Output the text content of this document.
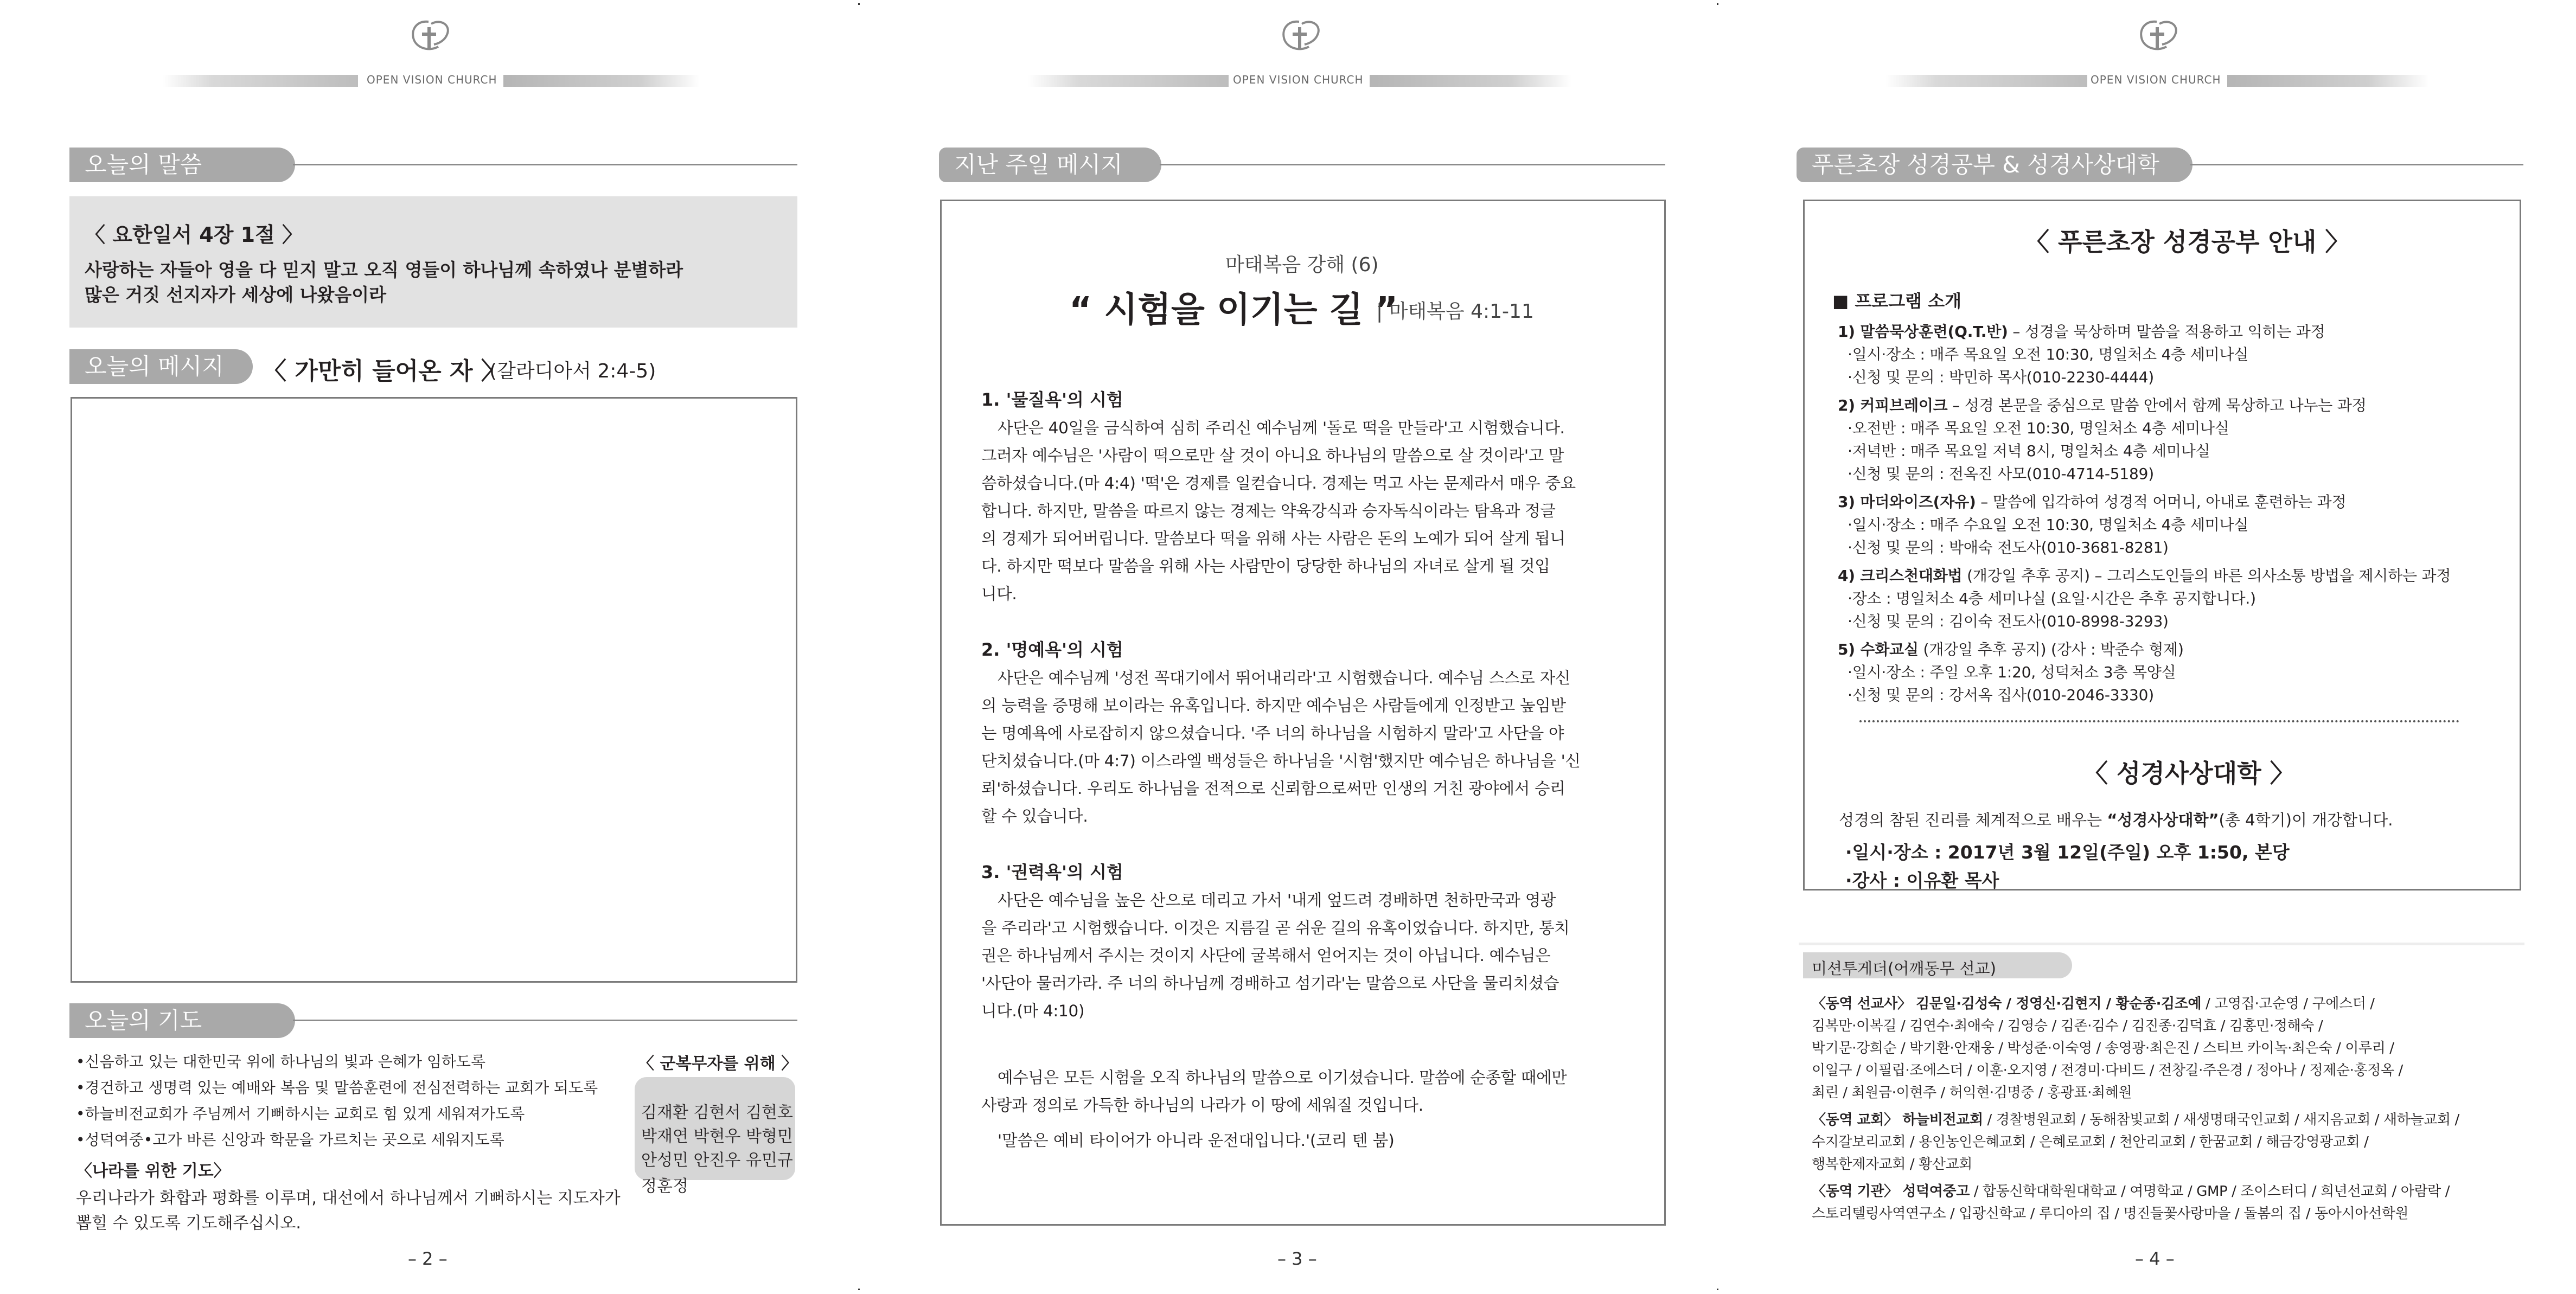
OPEN VISION CHURCH
오늘의 말씀
〈 요한일서 4장 1절 〉
사랑하는 자들아 영을 다 믿지 말고 오직 영들이 하나님께 속하였나 분별하라
많은 거짓 선지자가 세상에 나왔음이라
오늘의 메시지	〈 가만히 들어온 자 〉
(갈라디아서 2:4-5)
오늘의 기도
•신음하고 있는 대한민국 위에 하나님의 빛과 은혜가 임하도록
•경건하고 생명력 있는 예배와 복음 및 말씀훈련에 전심전력하는 교회가 되도록
•하늘비전교회가 주님께서 기뻐하시는 교회로 힘 있게 세워져가도록
•성덕여중•고가 바른 신앙과 학문을 가르치는 곳으로 세워지도록
〈나라를 위한 기도〉
우리나라가 화합과 평화를 이루며, 대선에서 하나님께서 기뻐하시는 지도자가
뽑힐 수 있도록 기도해주십시오.
〈 군복무자를 위해 〉
김재환 김현서 김현호
박재연 박현우 박형민
안성민 안진우 유민규
정훈정
– 2 –
OPEN VISION CHURCH
지난 주일 메시지
마태복음 강해 (6)
“ 시험을 이기는 길 ”
| 마태복음 4:1-11
1. '물질욕'의 시험
사단은 40일을 금식하여 심히 주리신 예수님께 '돌로 떡을 만들라'고 시험했습니다.
그러자 예수님은 '사람이 떡으로만 살 것이 아니요 하나님의 말씀으로 살 것이라'고 말
씀하셨습니다.(마 4:4) '떡'은 경제를 일컫습니다. 경제는 먹고 사는 문제라서 매우 중요
합니다. 하지만, 말씀을 따르지 않는 경제는 약육강식과 승자독식이라는 탐욕과 정글
의 경제가 되어버립니다. 말씀보다 떡을 위해 사는 사람은 돈의 노예가 되어 살게 됩니
다. 하지만 떡보다 말씀을 위해 사는 사람만이 당당한 하나님의 자녀로 살게 될 것입
니다.
2. '명예욕'의 시험
사단은 예수님께 '성전 꼭대기에서 뛰어내리라'고 시험했습니다. 예수님 스스로 자신
의 능력을 증명해 보이라는 유혹입니다. 하지만 예수님은 사람들에게 인정받고 높임받
는 명예욕에 사로잡히지 않으셨습니다. '주 너의 하나님을 시험하지 말라'고 사단을 야
단치셨습니다.(마 4:7) 이스라엘 백성들은 하나님을 '시험'했지만 예수님은 하나님을 '신
뢰'하셨습니다. 우리도 하나님을 전적으로 신뢰함으로써만 인생의 거친 광야에서 승리
할 수 있습니다.
3. '권력욕'의 시험
사단은 예수님을 높은 산으로 데리고 가서 '내게 엎드려 경배하면 천하만국과 영광
을 주리라'고 시험했습니다. 이것은 지름길 곧 쉬운 길의 유혹이었습니다. 하지만, 통치
권은 하나님께서 주시는 것이지 사단에 굴복해서 얻어지는 것이 아닙니다. 예수님은
'사단아 물러가라. 주 너의 하나님께 경배하고 섬기라'는 말씀으로 사단을 물리치셨습
니다.(마 4:10)
예수님은 모든 시험을 오직 하나님의 말씀으로 이기셨습니다. 말씀에 순종할 때에만
사랑과 정의로 가득한 하나님의 나라가 이 땅에 세워질 것입니다.
'말씀은 예비 타이어가 아니라 운전대입니다.'(코리 텐 붐)
– 3 –
OPEN VISION CHURCH
푸른초장 성경공부 & 성경사상대학
〈 푸른초장 성경공부 안내 〉
■ 프로그램 소개
1) 말씀묵상훈련(Q.T.반) – 성경을 묵상하며 말씀을 적용하고 익히는 과정
·일시·장소 : 매주 목요일 오전 10:30, 명일처소 4층 세미나실
·신청 및 문의 : 박민하 목사(010-2230-4444)
2) 커피브레이크 – 성경 본문을 중심으로 말씀 안에서 함께 묵상하고 나누는 과정
·오전반 : 매주 목요일 오전 10:30, 명일처소 4층 세미나실
·저녁반 : 매주 목요일 저녁 8시, 명일처소 4층 세미나실
·신청 및 문의 : 전옥진 사모(010-4714-5189)
3) 마더와이즈(자유) – 말씀에 입각하여 성경적 어머니, 아내로 훈련하는 과정
·일시·장소 : 매주 수요일 오전 10:30, 명일처소 4층 세미나실
·신청 및 문의 : 박애숙 전도사(010-3681-8281)
4) 크리스천대화법 (개강일 추후 공지) – 그리스도인들의 바른 의사소통 방법을 제시하는 과정
·장소 : 명일처소 4층 세미나실 (요일·시간은 추후 공지합니다.)
·신청 및 문의 : 김이숙 전도사(010-8998-3293)
5) 수화교실 (개강일 추후 공지) (강사 : 박준수 형제)
·일시·장소 : 주일 오후 1:20, 성덕처소 3층 목양실
·신청 및 문의 : 강서옥 집사(010-2046-3330)
〈 성경사상대학 〉
성경의 참된 진리를 체계적으로 배우는 “성경사상대학”(총 4학기)이 개강합니다.
·일시·장소 : 2017년 3월 12일(주일) 오후 1:50, 본당
·강사 : 이유환 목사
미션투게더(어깨동무 선교)
〈동역 선교사〉 김문일·김성숙 / 정영신·김현지 / 황순종·김조예 / 고영집·고순영 / 구에스더 /
김복만·이복길 / 김연수·최애숙 / 김영승 / 김존·김수 / 김진종·김덕효 / 김홍민·정해숙 /
박기문·강희순 / 박기환·안재웅 / 박성준·이숙영 / 송영광·최은진 / 스티브 카이녹·최은숙 / 이루리 /
이일구 / 이필립·조에스더 / 이훈·오지영 / 전경미·다비드 / 전창길·주은경 / 정아나 / 정제순·홍정옥 /
최린 / 최원금·이현주 / 허익현·김명중 / 홍광표·최혜원
〈동역 교회〉 하늘비전교회 / 경찰병원교회 / 동해참빛교회 / 새생명태국인교회 / 새지음교회 / 새하늘교회 /
수지갈보리교회 / 용인농인은혜교회 / 은혜로교회 / 천안리교회 / 한꿈교회 / 해금강영광교회 /
행복한제자교회 / 황산교회
〈동역 기관〉 성덕여중고 / 합동신학대학원대학교 / 여명학교 / GMP / 조이스터디 / 희년선교회 / 아람락 /
스토리텔링사역연구소 / 입광신학교 / 루디아의 집 / 명진들꽃사랑마을 / 돌봄의 집 / 동아시아선학원
– 4 –
